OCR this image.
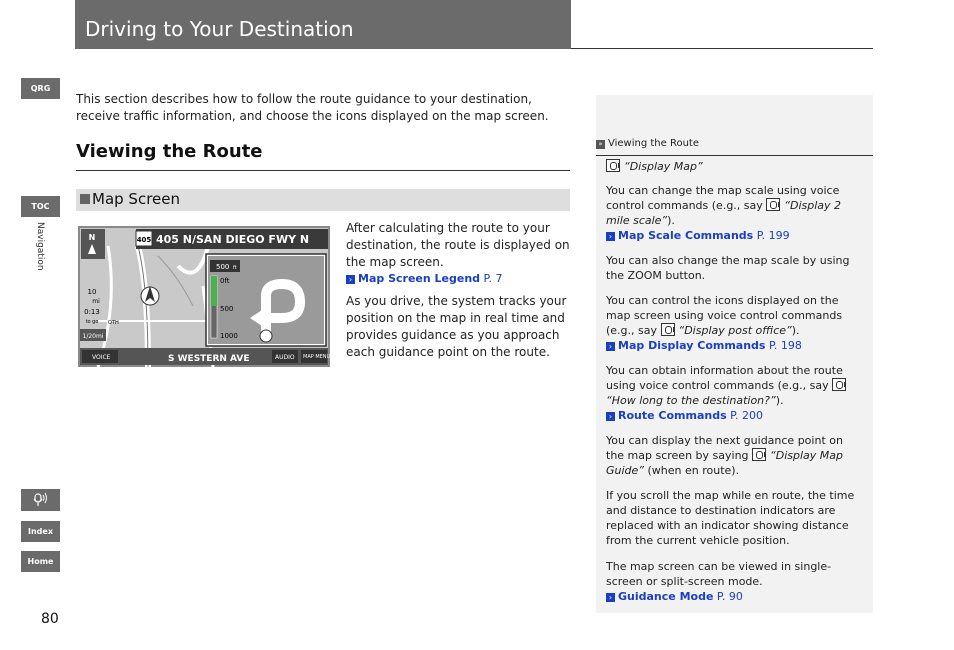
Driving to Your Destination
QRG
TOC
Navigation
Index
Home
80
This section describes how to follow the route guidance to your destination, receive traffic information, and choose the icons displayed on the map screen.
Viewing the Route
Map Screen
405 405 N/SAN DIEGO FWY N
N
10
mi
0:13
to go OTH
1/20mi
500 ft
0ft
500
1000
VOICE	S WESTERN AVE	AUDIO MAP MENU
After calculating the route to your destination, the route is displayed on the map screen.
› Map Screen Legend P. 7
As you drive, the system tracks your position on the map in real time and provides guidance as you approach each guidance point on the route.
» Viewing the Route
“Display Map”
You can change the map scale using voice control commands (e.g., say “Display 2 mile scale”).
› Map Scale Commands P. 199
You can also change the map scale by using the ZOOM button.
You can control the icons displayed on the map screen using voice control commands (e.g., say “Display post office”).
› Map Display Commands P. 198
You can obtain information about the route using voice control commands (e.g., say “How long to the destination?”).
› Route Commands P. 200
You can display the next guidance point on the map screen by saying “Display Map Guide” (when en route).
If you scroll the map while en route, the time and distance to destination indicators are replaced with an indicator showing distance from the current vehicle position.
The map screen can be viewed in single-screen or split-screen mode.
› Guidance Mode P. 90
